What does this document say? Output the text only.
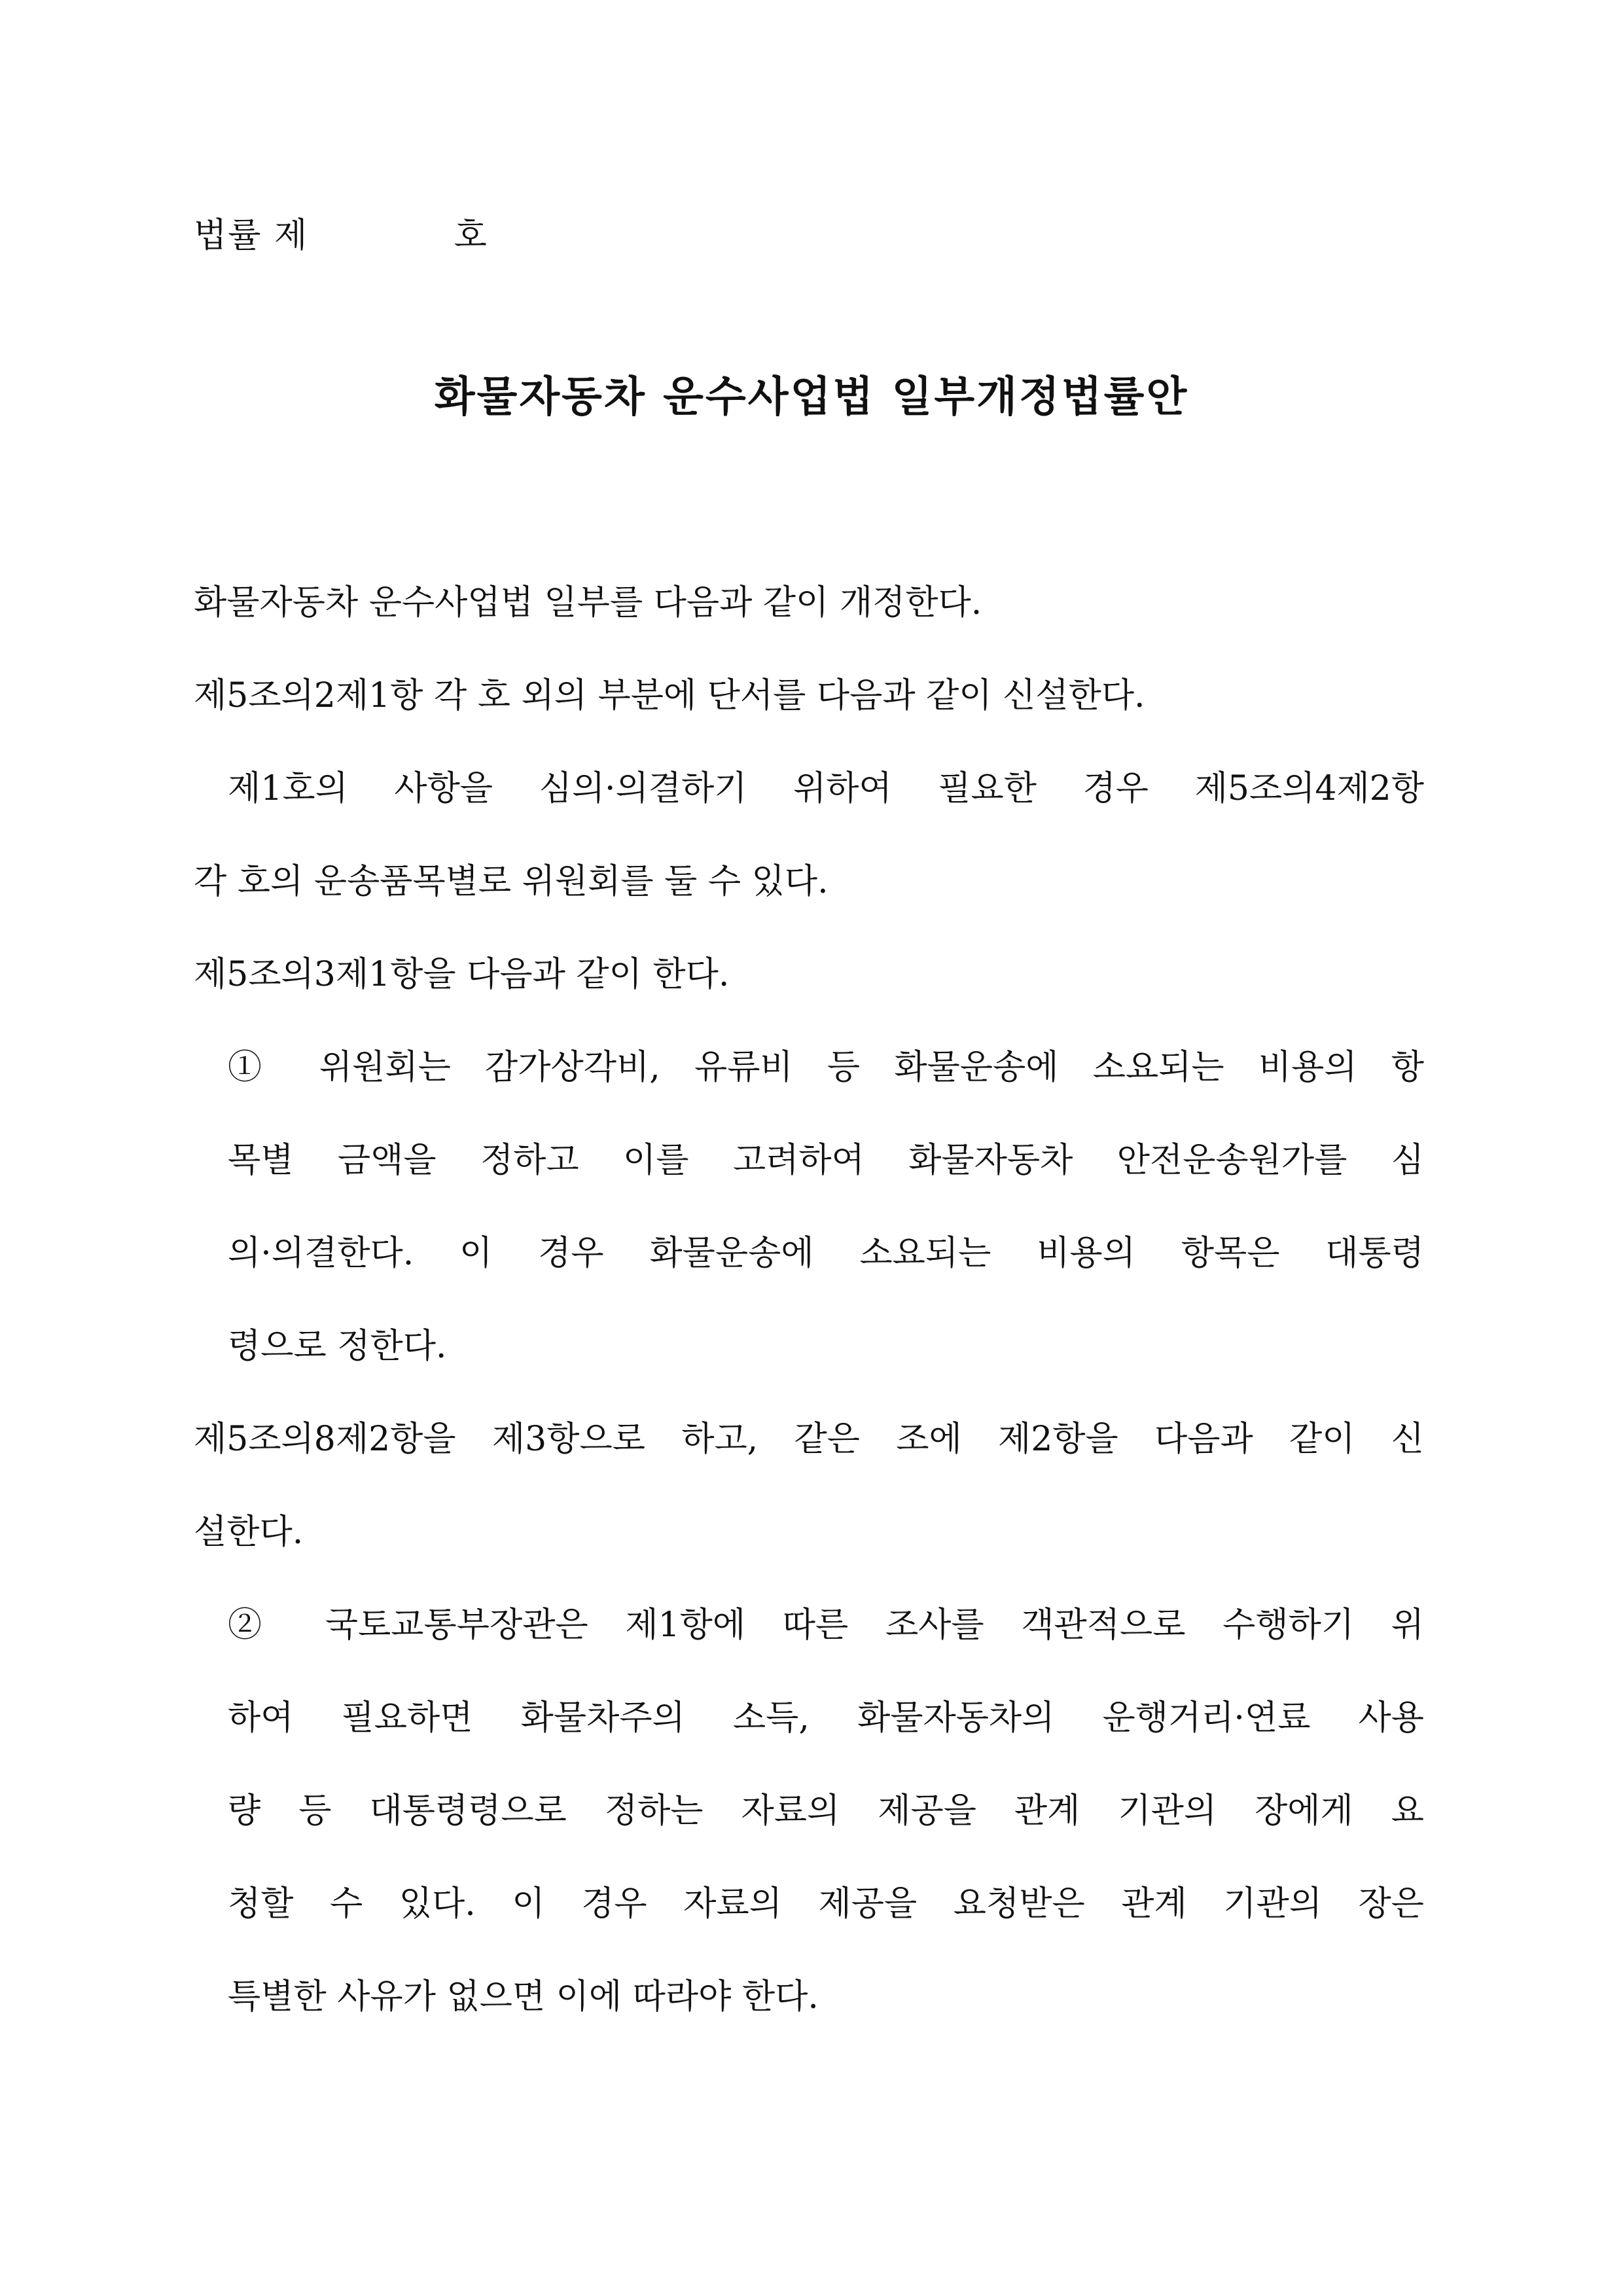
법률 제	호
화물자동차 운수사업법 일부개정법률안
화물자동차 운수사업법 일부를 다음과 같이 개정한다.
제5조의2제1항 각 호 외의 부분에 단서를 다음과 같이 신설한다.
제1호의 사항을 심의·의결하기 위하여 필요한 경우 제5조의4제2항
각 호의 운송품목별로 위원회를 둘 수 있다.
제5조의3제1항을 다음과 같이 한다.
① 위원회는 감가상각비, 유류비 등 화물운송에 소요되는 비용의 항
목별 금액을 정하고 이를 고려하여 화물자동차 안전운송원가를 심
의·의결한다. 이 경우 화물운송에 소요되는 비용의 항목은 대통령
령으로 정한다.
제5조의8제2항을 제3항으로 하고, 같은 조에 제2항을 다음과 같이 신
설한다.
② 국토교통부장관은 제1항에 따른 조사를 객관적으로 수행하기 위
하여 필요하면 화물차주의 소득, 화물자동차의 운행거리·연료 사용
량 등 대통령령으로 정하는 자료의 제공을 관계 기관의 장에게 요
청할 수 있다. 이 경우 자료의 제공을 요청받은 관계 기관의 장은
특별한 사유가 없으면 이에 따라야 한다.
